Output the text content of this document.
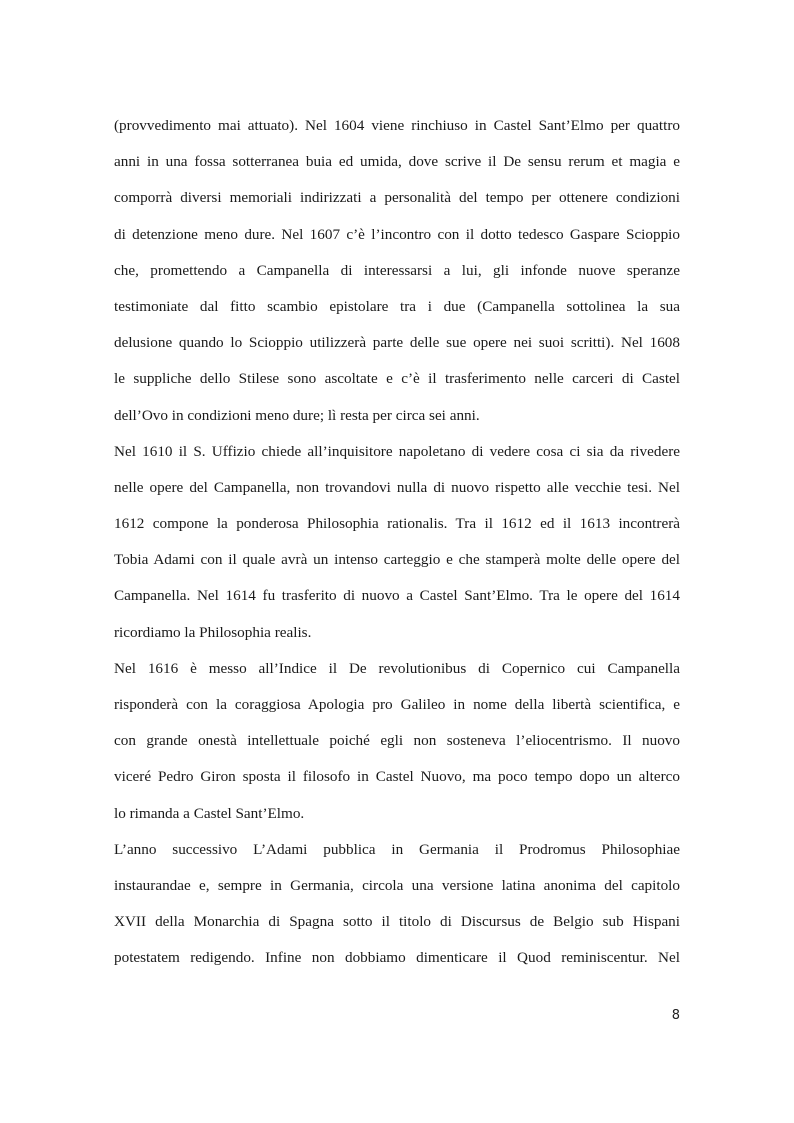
(provvedimento mai attuato). Nel 1604 viene rinchiuso in Castel Sant’Elmo per quattro
anni in una fossa sotterranea buia ed umida, dove scrive il De sensu rerum et magia e
comporrà diversi memoriali indirizzati a personalità del tempo per ottenere condizioni
di detenzione meno dure. Nel 1607 c’è l’incontro con il dotto tedesco Gaspare Scioppio
che, promettendo a Campanella di interessarsi a lui, gli infonde nuove speranze
testimoniate dal fitto scambio epistolare tra i due (Campanella sottolinea la sua
delusione quando lo Scioppio utilizzerà parte delle sue opere nei suoi scritti). Nel 1608
le suppliche dello Stilese sono ascoltate e c’è il trasferimento nelle carceri di Castel
dell’Ovo in condizioni meno dure; lì resta per circa sei anni.
Nel 1610 il S. Uffizio chiede all’inquisitore napoletano di vedere cosa ci sia da rivedere
nelle opere del Campanella, non trovandovi nulla di nuovo rispetto alle vecchie tesi. Nel
1612 compone la ponderosa Philosophia rationalis. Tra il 1612 ed il 1613 incontrerà
Tobia Adami con il quale avrà un intenso carteggio e che stamperà molte delle opere del
Campanella. Nel 1614 fu trasferito di nuovo a Castel Sant’Elmo. Tra le opere del 1614
ricordiamo la Philosophia realis.
Nel 1616 è messo all’Indice il De revolutionibus di Copernico cui Campanella
risponderà con la coraggiosa Apologia pro Galileo in nome della libertà scientifica, e
con grande onestà intellettuale poiché egli non sosteneva l’eliocentrismo. Il nuovo
viceré Pedro Giron sposta il filosofo in Castel Nuovo, ma poco tempo dopo un alterco
lo rimanda a Castel Sant’Elmo.
L’anno successivo L’Adami pubblica in Germania il Prodromus Philosophiae
instaurandae e, sempre in Germania, circola una versione latina anonima del capitolo
XVII della Monarchia di Spagna sotto il titolo di Discursus de Belgio sub Hispani
potestatem redigendo. Infine non dobbiamo dimenticare il Quod reminiscentur. Nel
8
